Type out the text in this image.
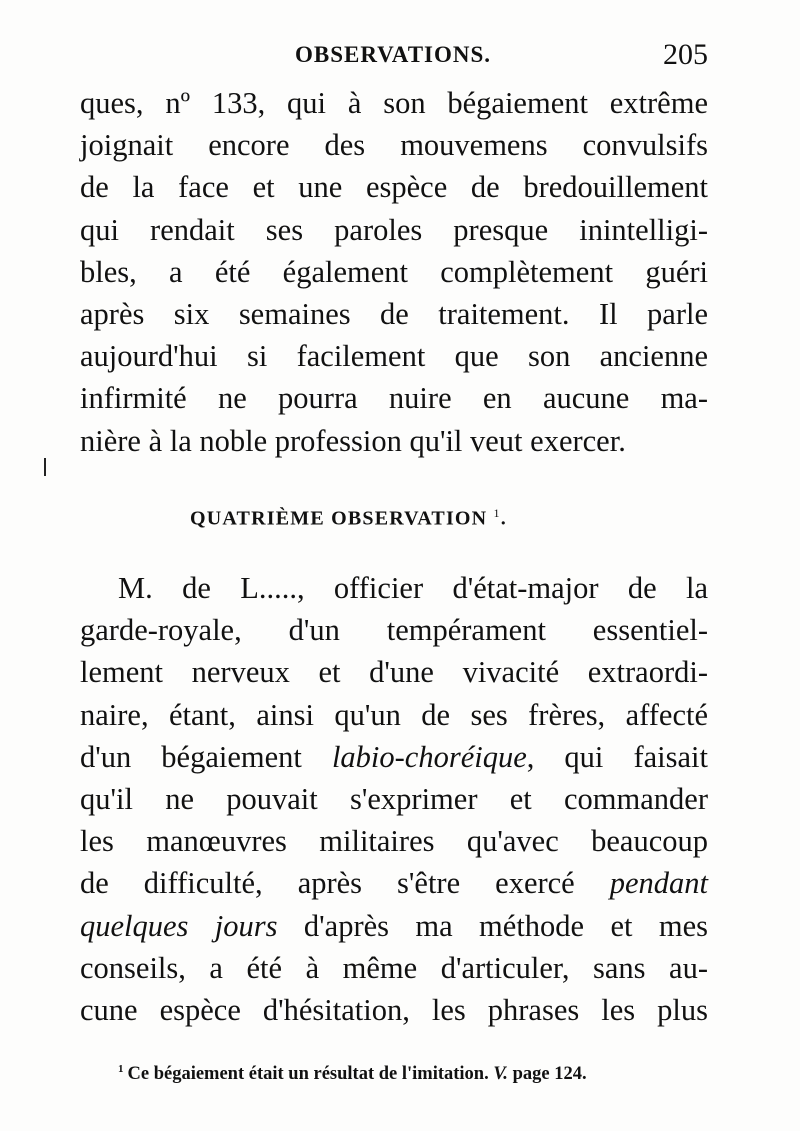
OBSERVATIONS.	205
ques, nº 133, qui à son bégaiement extrême
joignait encore des mouvemens convulsifs
de la face et une espèce de bredouillement
qui rendait ses paroles presque inintelligi-
bles, a été également complètement guéri
après six semaines de traitement. Il parle
aujourd'hui si facilement que son ancienne
infirmité ne pourra nuire en aucune ma-
nière à la noble profession qu'il veut exercer.
QUATRIÈME OBSERVATION $^1$.
M. de L....., officier d'état-major de la
garde-royale, d'un tempérament essentiel-
lement nerveux et d'une vivacité extraordi-
naire, étant, ainsi qu'un de ses frères, affecté
d'un bégaiement labio-choréique, qui faisait
qu'il ne pouvait s'exprimer et commander
les manœuvres militaires qu'avec beaucoup
de difficulté, après s'être exercé pendant
quelques jours d'après ma méthode et mes
conseils, a été à même d'articuler, sans au-
cune espèce d'hésitation, les phrases les plus
$^1$ Ce bégaiement était un résultat de l'imitation. V. page 124.
